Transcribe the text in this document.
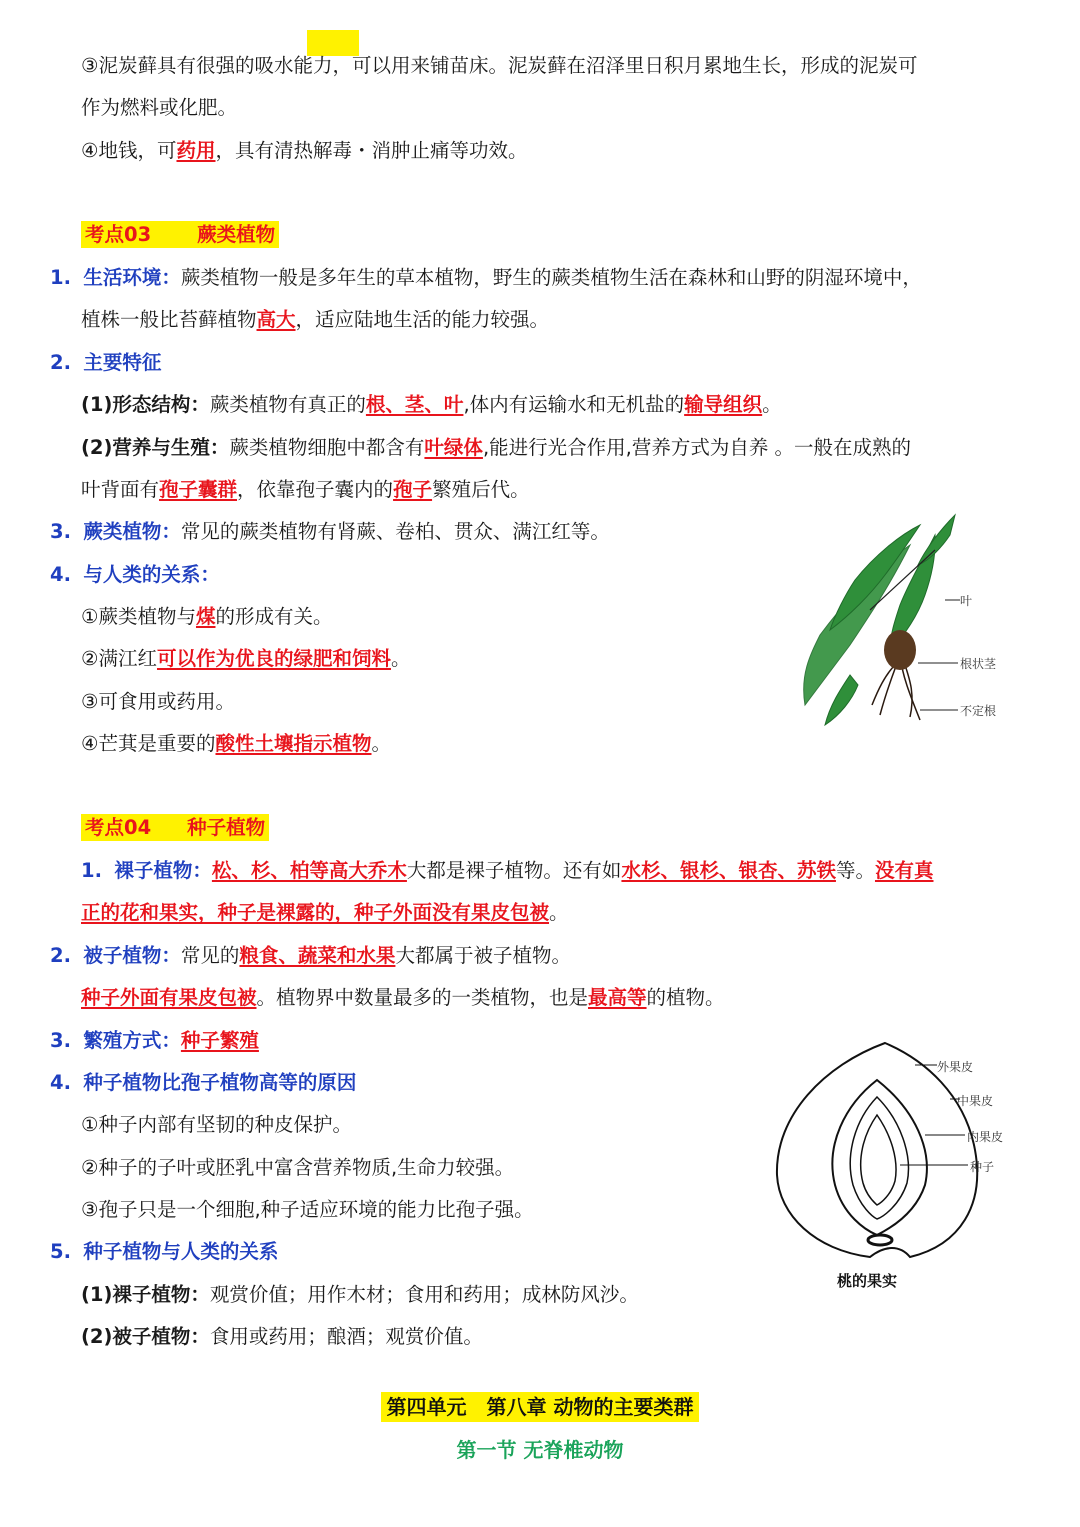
③泥炭藓具有很强的吸水能力，可以用来铺苗床。泥炭藓在沼泽里日积月累地生长，形成的泥炭可
作为燃料或化肥。
④地钱，可药用，具有清热解毒・消肿止痛等功效。
考点03 蕨类植物
1. 生活环境：蕨类植物一般是多年生的草本植物，野生的蕨类植物生活在森林和山野的阴湿环境中，
植株一般比苔藓植物高大，适应陆地生活的能力较强。
2. 主要特征
(1)形态结构：蕨类植物有真正的根、茎、叶,体内有运输水和无机盐的输导组织。
(2)营养与生殖：蕨类植物细胞中都含有叶绿体,能进行光合作用,营养方式为自养 。一般在成熟的
叶背面有孢子囊群，依靠孢子囊内的孢子繁殖后代。
3. 蕨类植物：常见的蕨类植物有肾蕨、卷柏、贯众、满江红等。
4. 与人类的关系：
①蕨类植物与煤的形成有关。
②满江红可以作为优良的绿肥和饲料。
③可食用或药用。
④芒萁是重要的酸性土壤指示植物。
叶
根状茎
不定根
考点04 种子植物
1. 裸子植物：松、杉、柏等高大乔木大都是裸子植物。还有如水杉、银杉、银杏、苏铁等。没有真
正的花和果实，种子是裸露的，种子外面没有果皮包被。
2. 被子植物：常见的粮食、蔬菜和水果大都属于被子植物。
种子外面有果皮包被。植物界中数量最多的一类植物，也是最高等的植物。
3. 繁殖方式：种子繁殖
4. 种子植物比孢子植物高等的原因
①种子内部有坚韧的种皮保护。
②种子的子叶或胚乳中富含营养物质,生命力较强。
③孢子只是一个细胞,种子适应环境的能力比孢子强。
5. 种子植物与人类的关系
(1)裸子植物：观赏价值；用作木材；食用和药用；成林防风沙。
(2)被子植物：食用或药用；酿酒；观赏价值。
外果皮
中果皮
内果皮
种子
桃的果实
第四单元　第八章 动物的主要类群
第一节 无脊椎动物
